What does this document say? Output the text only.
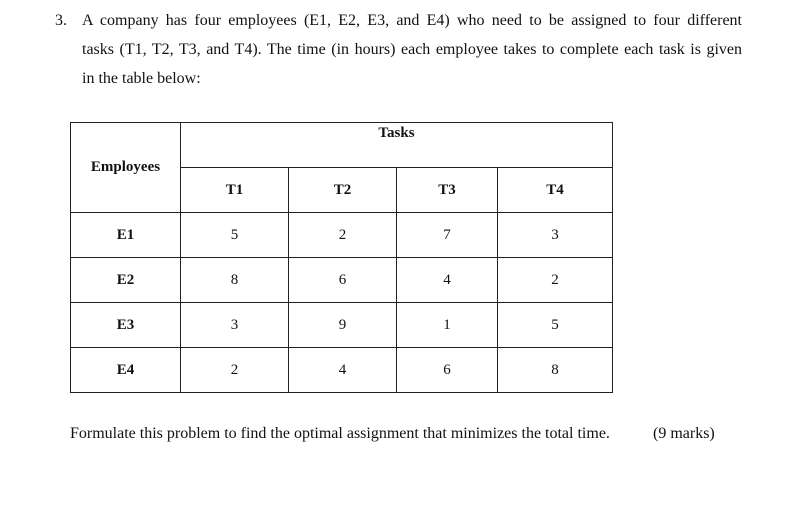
3. A company has four employees (E1, E2, E3, and E4) who need to be assigned to four different
tasks (T1, T2, T3, and T4). The time (in hours) each employee takes to complete each task is given
in the table below:
Employees	Tasks			

	T1	T2	T3	T4
E1	5	2	7	3
E2	8	6	4	2
E3	3	9	1	5
E4	2	4	6	8
Formulate this problem to find the optimal assignment that minimizes the total time.	(9 marks)
